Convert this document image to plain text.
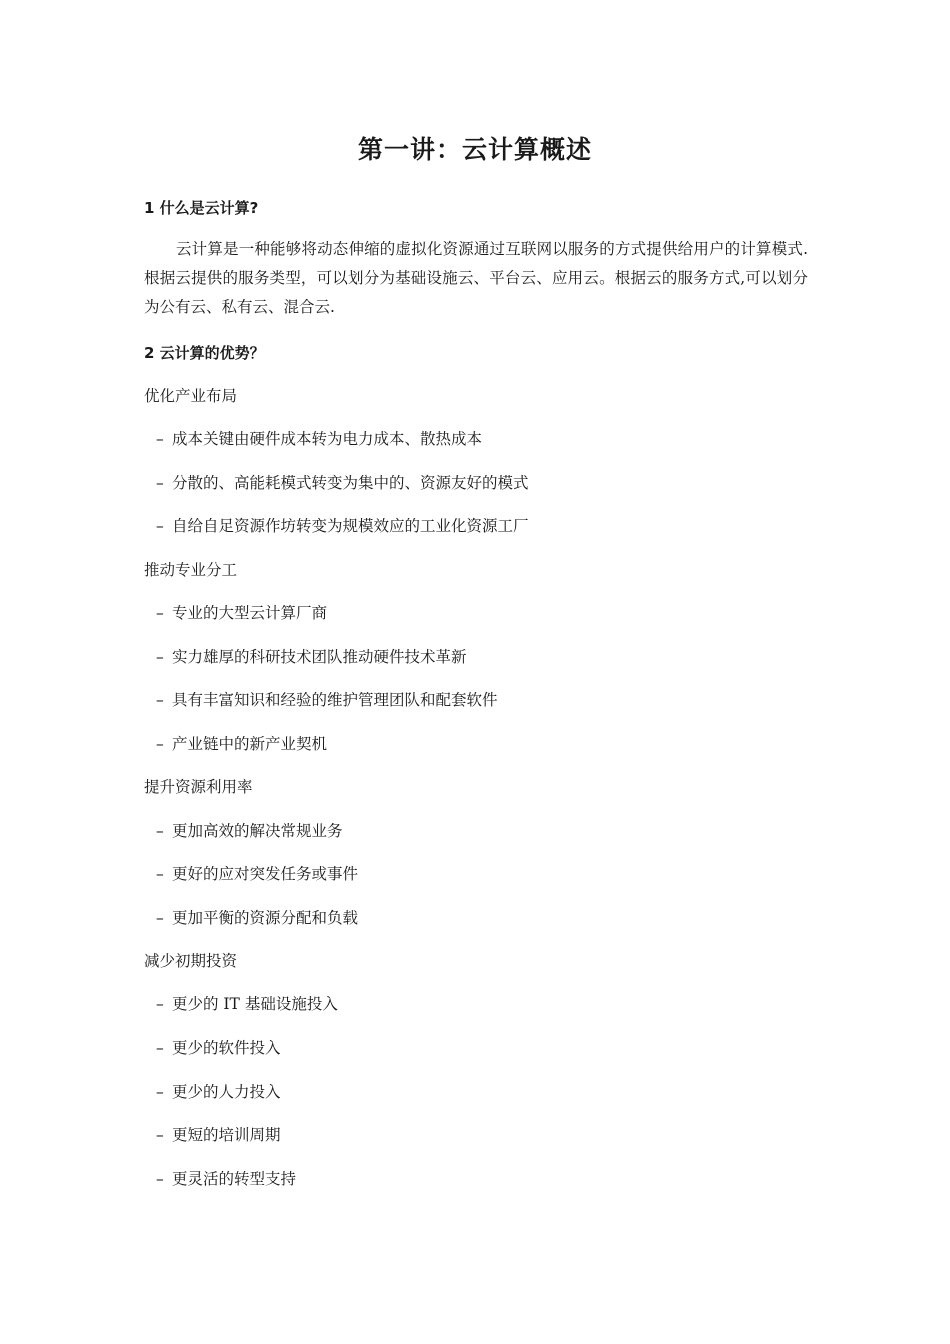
第一讲：云计算概述
1 什么是云计算?
云计算是一种能够将动态伸缩的虚拟化资源通过互联网以服务的方式提供给用户的计算模式.根据云提供的服务类型，可以划分为基础设施云、平台云、应用云。根据云的服务方式,可以划分为公有云、私有云、混合云.
2 云计算的优势？
优化产业布局
– 成本关键由硬件成本转为电力成本、散热成本
– 分散的、高能耗模式转变为集中的、资源友好的模式
– 自给自足资源作坊转变为规模效应的工业化资源工厂
推动专业分工
– 专业的大型云计算厂商
– 实力雄厚的科研技术团队推动硬件技术革新
– 具有丰富知识和经验的维护管理团队和配套软件
– 产业链中的新产业契机
提升资源利用率
– 更加高效的解决常规业务
– 更好的应对突发任务或事件
– 更加平衡的资源分配和负载
减少初期投资
– 更少的 IT 基础设施投入
– 更少的软件投入
– 更少的人力投入
– 更短的培训周期
– 更灵活的转型支持
